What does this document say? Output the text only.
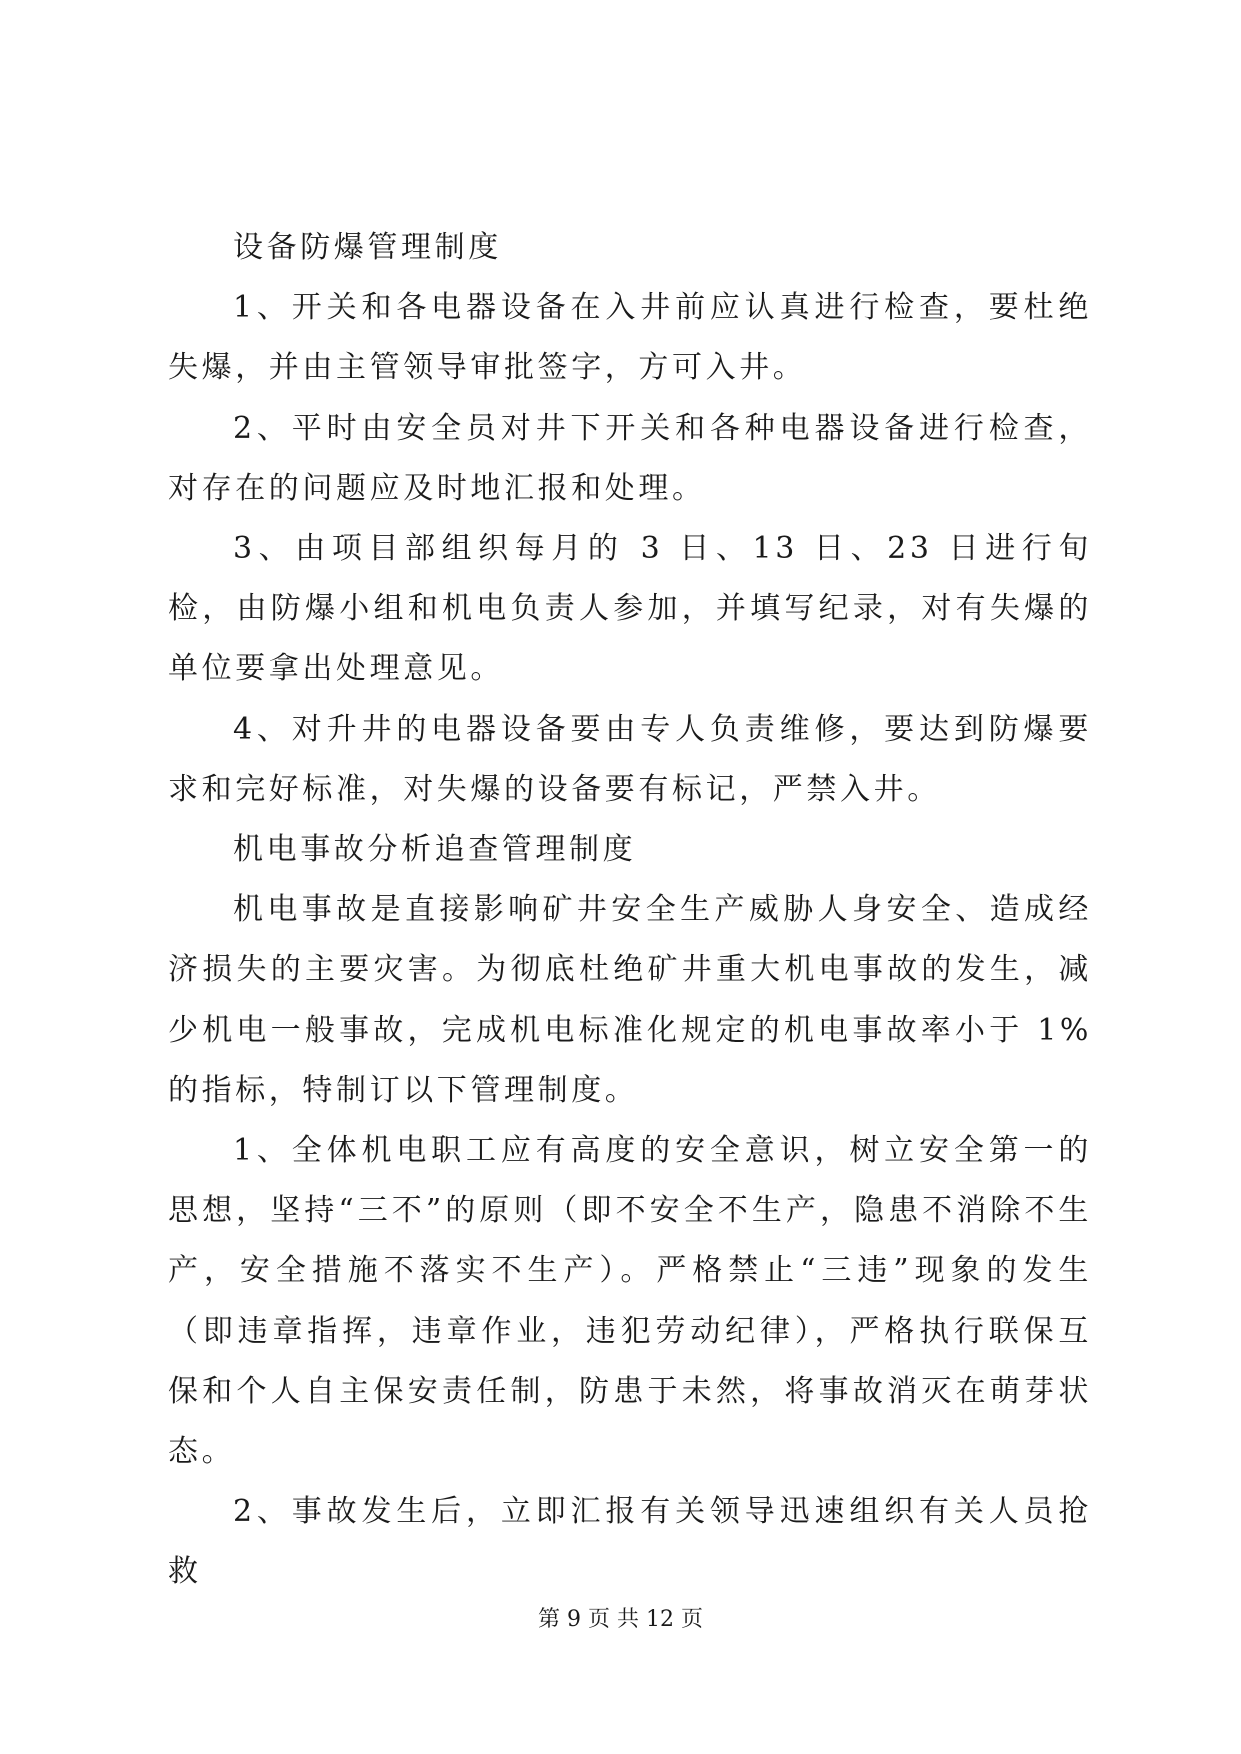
设备防爆管理制度

1、开关和各电器设备在入井前应认真进行检查，要杜绝失爆，并由主管领导审批签字，方可入井。

2、平时由安全员对井下开关和各种电器设备进行检查，对存在的问题应及时地汇报和处理。

3、由项目部组织每月的 3 日、13 日、23 日进行旬检，由防爆小组和机电负责人参加，并填写纪录，对有失爆的单位要拿出处理意见。

4、对升井的电器设备要由专人负责维修，要达到防爆要求和完好标准，对失爆的设备要有标记，严禁入井。

机电事故分析追查管理制度

机电事故是直接影响矿井安全生产威胁人身安全、造成经济损失的主要灾害。为彻底杜绝矿井重大机电事故的发生，减少机电一般事故，完成机电标准化规定的机电事故率小于 1%的指标，特制订以下管理制度。

1、全体机电职工应有高度的安全意识，树立安全第一的思想，坚持“三不”的原则（即不安全不生产，隐患不消除不生产，安全措施不落实不生产）。严格禁止“三违”现象的发生（即违章指挥，违章作业，违犯劳动纪律），严格执行联保互保和个人自主保安责任制，防患于未然，将事故消灭在萌芽状态。

2、事故发生后，立即汇报有关领导迅速组织有关人员抢救

第 9 页 共 12 页
